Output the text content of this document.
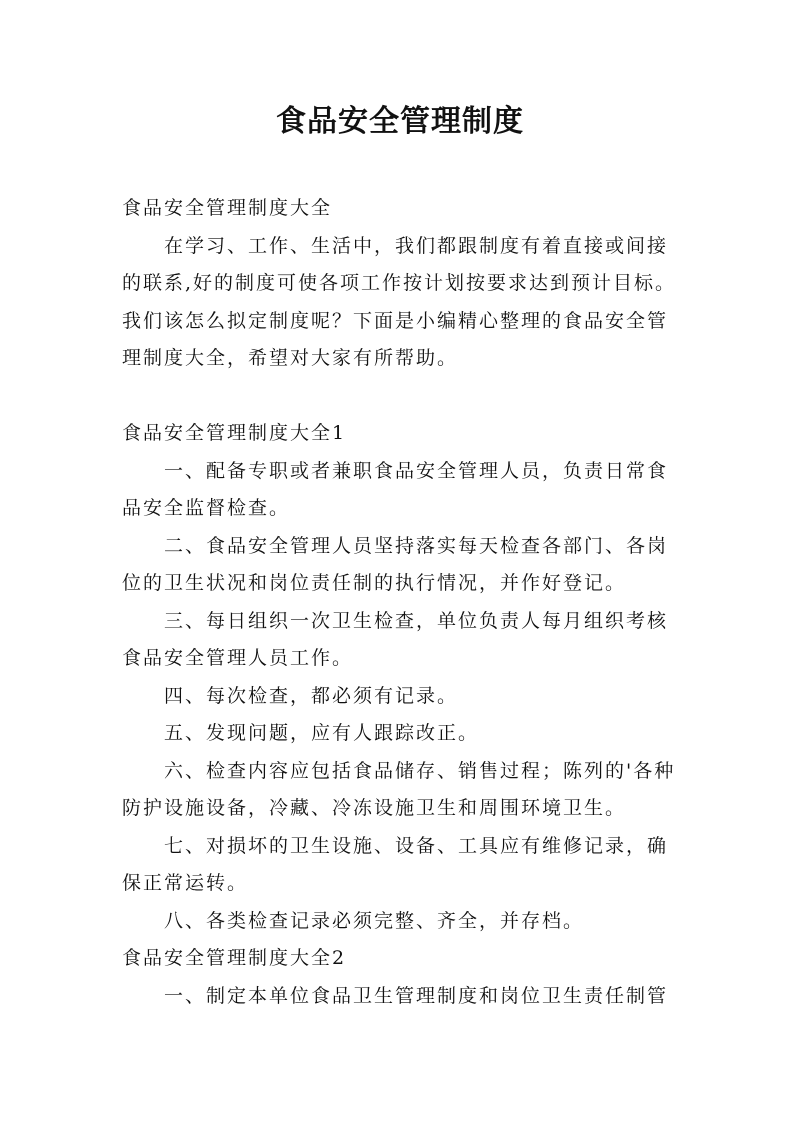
食品安全管理制度

食品安全管理制度大全

在学习、工作、生活中，我们都跟制度有着直接或间接的联系,好的制度可使各项工作按计划按要求达到预计目标。我们该怎么拟定制度呢？下面是小编精心整理的食品安全管理制度大全，希望对大家有所帮助。

食品安全管理制度大全1

一、配备专职或者兼职食品安全管理人员，负责日常食品安全监督检查。

二、食品安全管理人员坚持落实每天检查各部门、各岗位的卫生状况和岗位责任制的执行情况，并作好登记。

三、每日组织一次卫生检查，单位负责人每月组织考核食品安全管理人员工作。

四、每次检查，都必须有记录。

五、发现问题，应有人跟踪改正。

六、检查内容应包括食品储存、销售过程；陈列的'各种防护设施设备，冷藏、冷冻设施卫生和周围环境卫生。

七、对损坏的卫生设施、设备、工具应有维修记录，确保正常运转。

八、各类检查记录必须完整、齐全，并存档。

食品安全管理制度大全2

一、制定本单位食品卫生管理制度和岗位卫生责任制管
